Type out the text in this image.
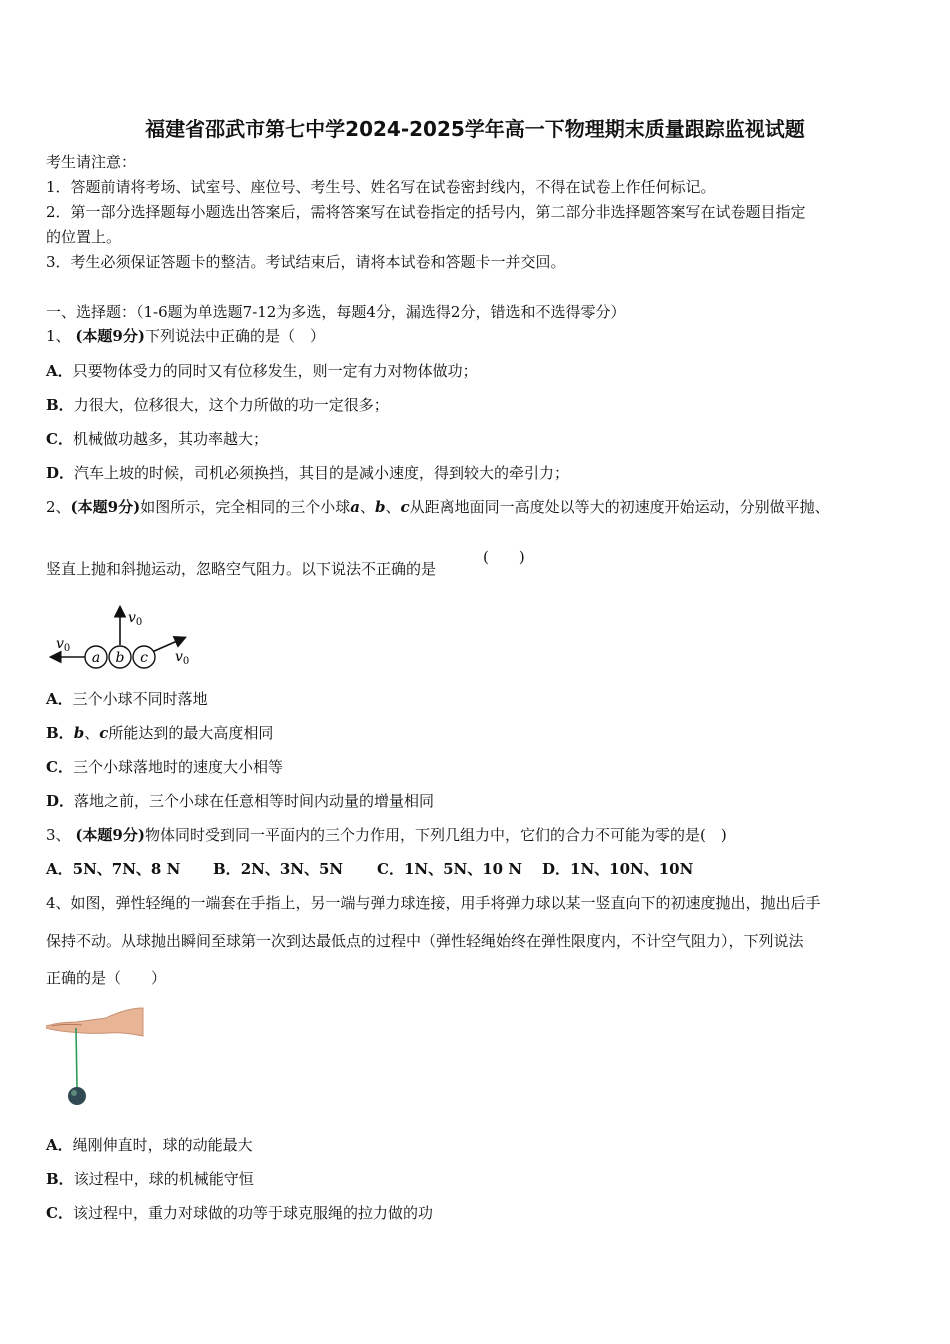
福建省邵武市第七中学2024-2025学年高一下物理期末质量跟踪监视试题
考生请注意：
1．答题前请将考场、试室号、座位号、考生号、姓名写在试卷密封线内，不得在试卷上作任何标记。
2．第一部分选择题每小题选出答案后，需将答案写在试卷指定的括号内，第二部分非选择题答案写在试卷题目指定
的位置上。
3．考生必须保证答题卡的整洁。考试结束后，请将本试卷和答题卡一并交回。
一、选择题：（1-6题为单选题7-12为多选，每题4分，漏选得2分，错选和不选得零分）
1、 (本题9分)下列说法中正确的是（　）
A．只要物体受力的同时又有位移发生，则一定有力对物体做功；
B．力很大，位移很大，这个力所做的功一定很多；
C．机械做功越多，其功率越大；
D．汽车上坡的时候，司机必须换挡，其目的是减小速度，得到较大的牵引力；
2、(本题9分)如图所示，完全相同的三个小球a、b、c从距离地面同一高度处以等大的初速度开始运动，分别做平抛、
竖直上抛和斜抛运动，忽略空气阻力。以下说法不正确的是
(　　)
a b c
$v_0$
$v_0$
$v_0$
A．三个小球不同时落地
B．b、c所能达到的最大高度相同
C．三个小球落地时的速度大小相等
D．落地之前，三个小球在任意相等时间内动量的增量相同
3、 (本题9分)物体同时受到同一平面内的三个力作用，下列几组力中，它们的合力不可能为零的是(　)
A．5N、7N、8 N B．2N、3N、5N C．1N、5N、10 N D．1N、10N、10N
4、如图，弹性轻绳的一端套在手指上，另一端与弹力球连接，用手将弹力球以某一竖直向下的初速度抛出，抛出后手
保持不动。从球抛出瞬间至球第一次到达最低点的过程中（弹性轻绳始终在弹性限度内，不计空气阻力），下列说法
正确的是（　　）
A．绳刚伸直时，球的动能最大
B．该过程中，球的机械能守恒
C．该过程中，重力对球做的功等于球克服绳的拉力做的功
